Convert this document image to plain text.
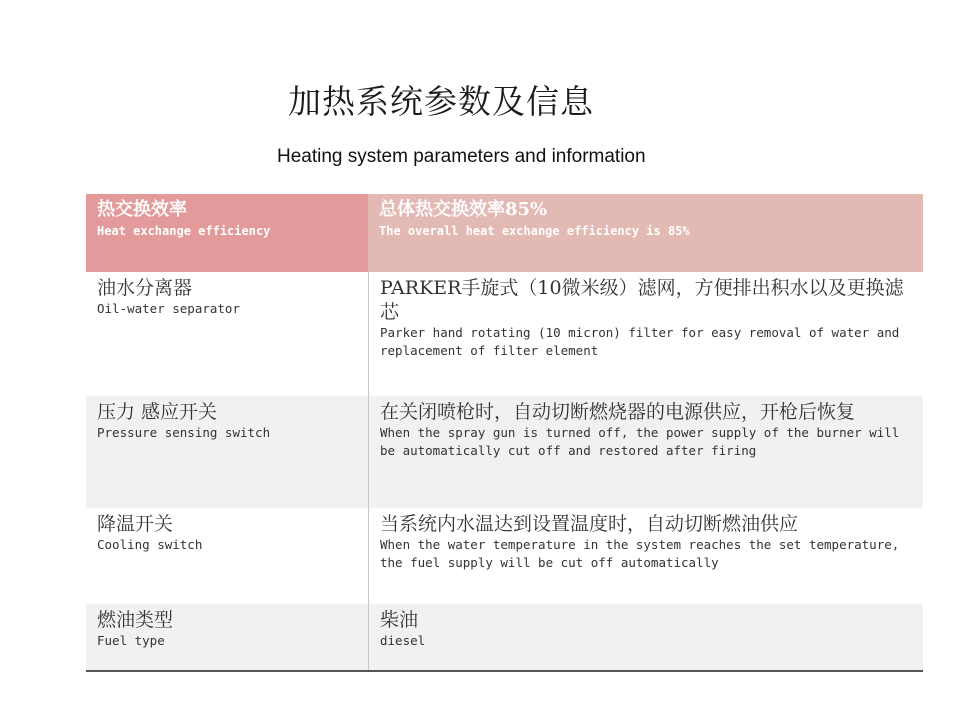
加热系统参数及信息
Heating system parameters and information
热交换效率
Heat exchange efficiency
总体热交换效率85%
The overall heat exchange efficiency is 85%
油水分离器
Oil-water separator
PARKER手旋式（10微米级）滤网，方便排出积水以及更换滤芯
Parker hand rotating (10 micron) filter for easy removal of water and replacement of filter element
压力 感应开关
Pressure sensing switch
在关闭喷枪时，自动切断燃烧器的电源供应，开枪后恢复
When the spray gun is turned off, the power supply of the burner will be automatically cut off and restored after firing
降温开关
Cooling switch
当系统内水温达到设置温度时，自动切断燃油供应
When the water temperature in the system reaches the set temperature, the fuel supply will be cut off automatically
燃油类型
Fuel type
柴油
diesel
